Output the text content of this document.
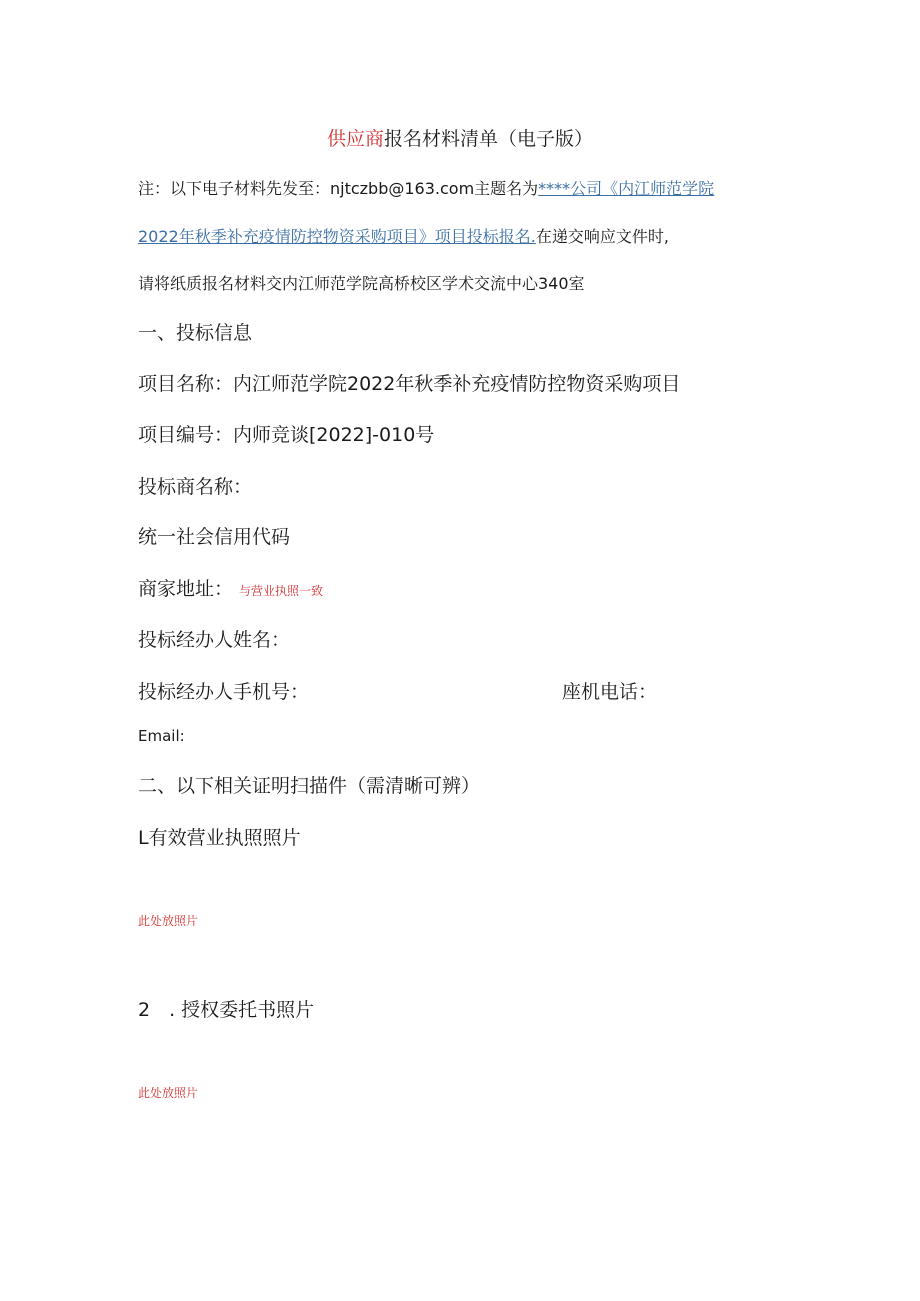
供应商报名材料清单（电子版）
注：以下电子材料先发至：njtczbb@163.com主题名为****公司《内江师范学院
2022年秋季补充疫情防控物资采购项目》项目投标报名.在递交响应文件时,
请将纸质报名材料交内江师范学院高桥校区学术交流中心340室
一、投标信息
项目名称：内江师范学院2022年秋季补充疫情防控物资采购项目
项目编号：内师竞谈[2022]-010号
投标商名称：
统一社会信用代码
商家地址： 与营业执照一致
投标经办人姓名：
投标经办人手机号：	座机电话：
Email:
二、以下相关证明扫描件（需清晰可辨）
L有效营业执照照片
此处放照片
2　. 授权委托书照片
此处放照片
